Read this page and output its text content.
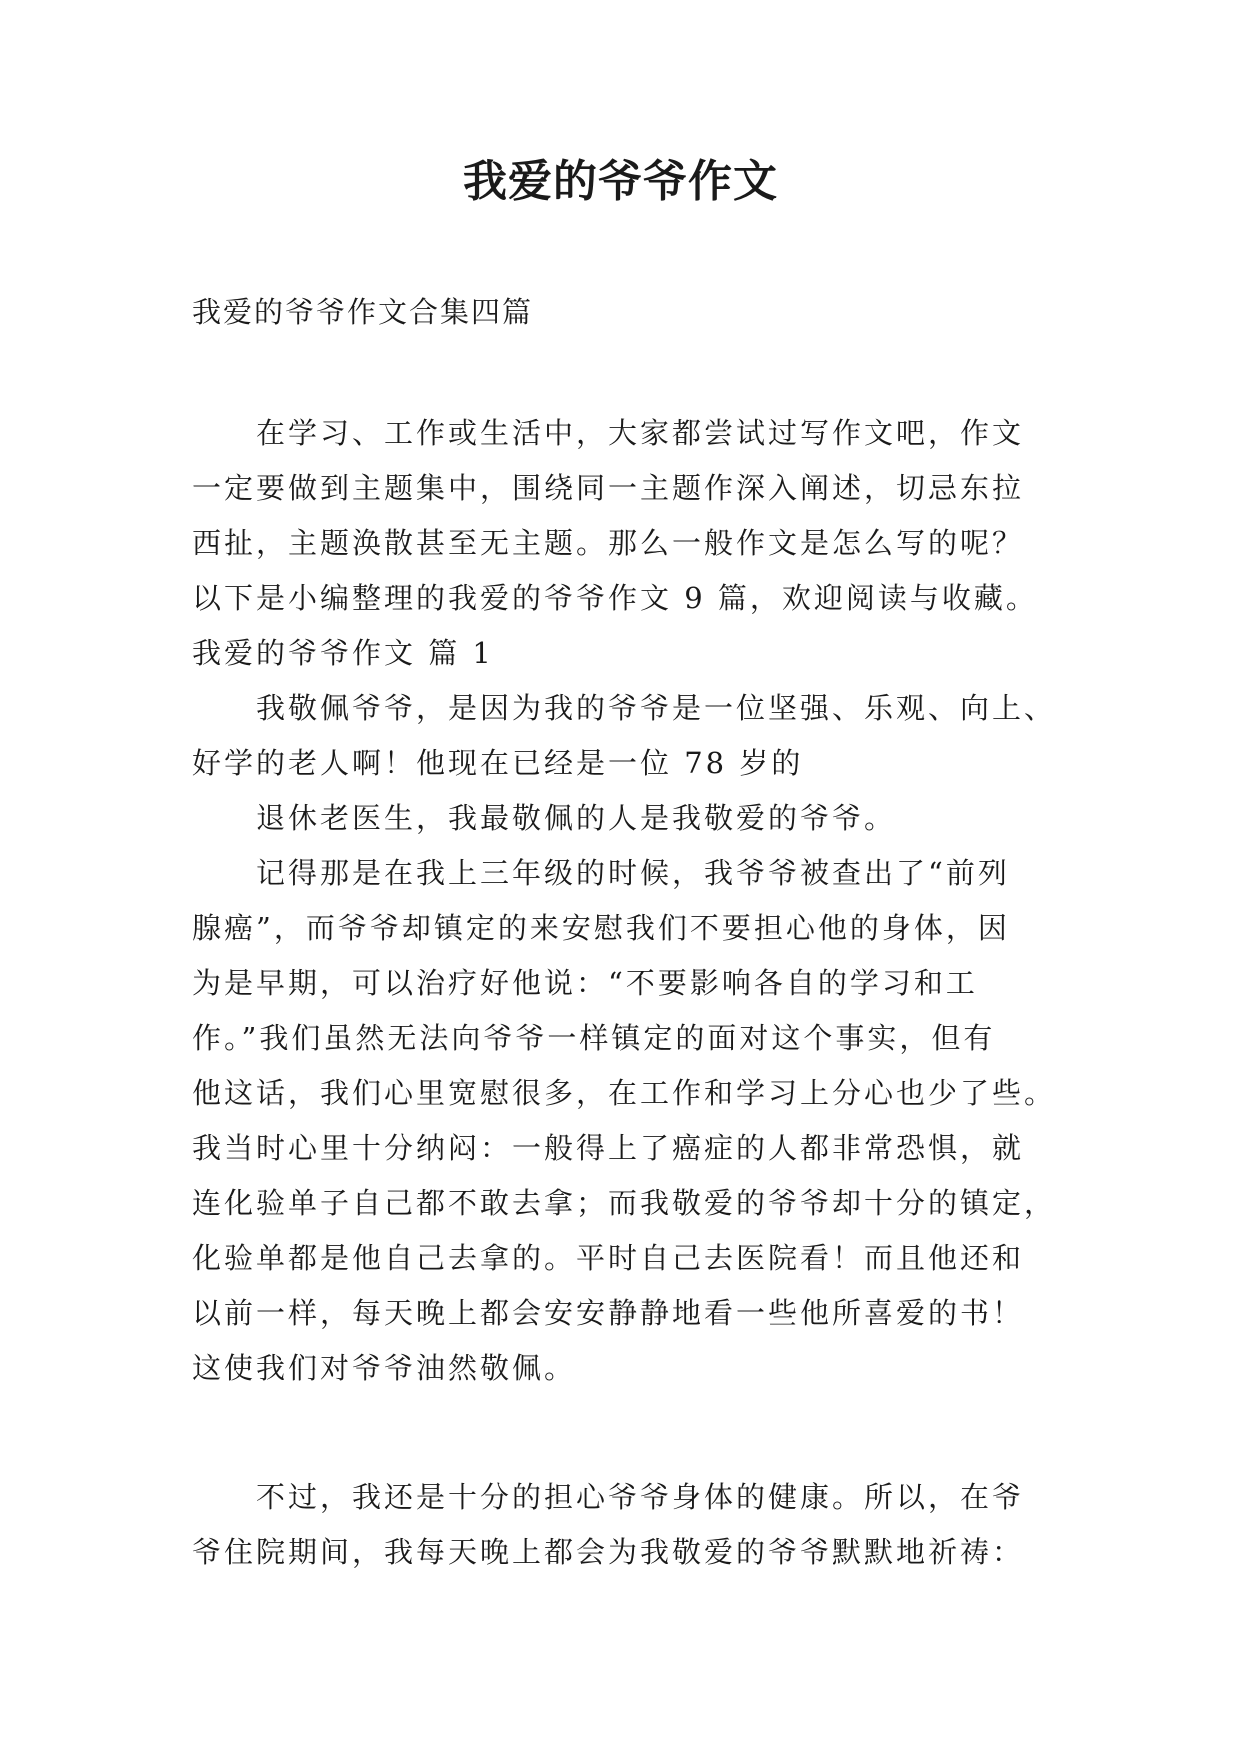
我爱的爷爷作文
我爱的爷爷作文合集四篇
在学习、工作或生活中，大家都尝试过写作文吧，作文
一定要做到主题集中，围绕同一主题作深入阐述，切忌东拉
西扯，主题涣散甚至无主题。那么一般作文是怎么写的呢？
以下是小编整理的我爱的爷爷作文 9 篇，欢迎阅读与收藏。
我爱的爷爷作文 篇 1
我敬佩爷爷，是因为我的爷爷是一位坚强、乐观、向上、
好学的老人啊！他现在已经是一位 78 岁的
退休老医生，我最敬佩的人是我敬爱的爷爷。
记得那是在我上三年级的时候，我爷爷被查出了“前列
腺癌”，而爷爷却镇定的来安慰我们不要担心他的身体，因
为是早期，可以治疗好他说：“不要影响各自的学习和工
作。”我们虽然无法向爷爷一样镇定的面对这个事实，但有
他这话，我们心里宽慰很多，在工作和学习上分心也少了些。
我当时心里十分纳闷：一般得上了癌症的人都非常恐惧，就
连化验单子自己都不敢去拿；而我敬爱的爷爷却十分的镇定，
化验单都是他自己去拿的。平时自己去医院看！而且他还和
以前一样，每天晚上都会安安静静地看一些他所喜爱的书！
这使我们对爷爷油然敬佩。
不过，我还是十分的担心爷爷身体的健康。所以，在爷
爷住院期间，我每天晚上都会为我敬爱的爷爷默默地祈祷：
